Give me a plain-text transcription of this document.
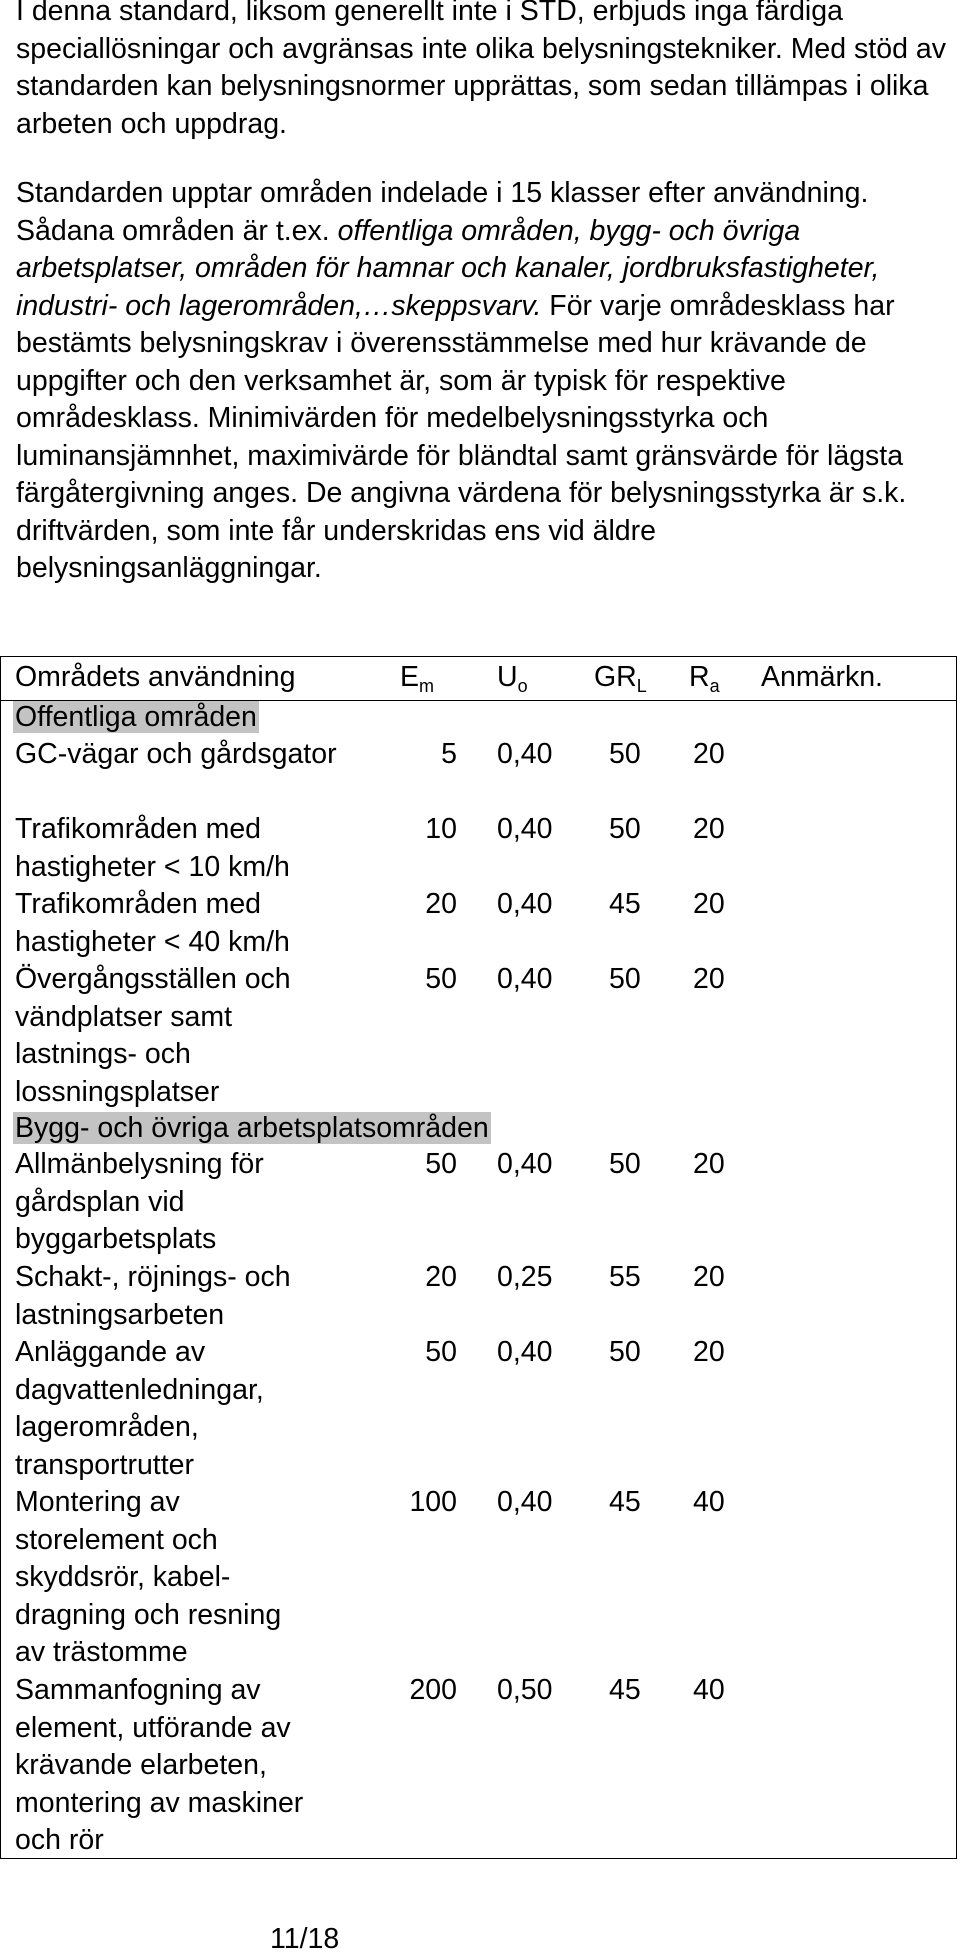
I denna standard, liksom generellt inte i STD, erbjuds inga färdiga speciallösningar och avgränsas inte olika belysningstekniker. Med stöd av standarden kan belysningsnormer upprättas, som sedan tillämpas i olika arbeten och uppdrag.

Standarden upptar områden indelade i 15 klasser efter användning. Sådana områden är t.ex. offentliga områden, bygg- och övriga arbetsplatser, områden för hamnar och kanaler, jordbruksfastigheter, industri- och lagerområden,…skeppsvarv. För varje områdesklass har bestämts belysningskrav i överensstämmelse med hur krävande de uppgifter och den verksamhet är, som är typisk för respektive områdesklass. Minimivärden för medelbelysningsstyrka och luminansjämnhet, maximivärde för bländtal samt gränsvärde för lägsta färgåtergivning anges. De angivna värdena för belysningsstyrka är s.k. driftvärden, som inte får underskridas ens vid äldre belysningsanläggningar.

Områdets användning	$E_m$ $U_o$ $GR_L$ $R_a$ Anmärkn.
Offentliga områden
GC-vägar och gårdsgator	5 0,40 50 20
Trafikområden med hastigheter < 10 km/h
10 0,40 50 20
Trafikområden med hastigheter < 40 km/h
20 0,40 45 20
Övergångsställen och vändplatser samt lastnings- och lossningsplatser
50 0,40 50 20
Bygg- och övriga arbetsplatsområden
Allmänbelysning för gårdsplan vid byggarbetsplats
50 0,40 50 20
Schakt-, röjnings- och lastningsarbeten
20 0,25 55 20
Anläggande av dagvattenledningar, lagerområden, transportrutter
50 0,40 50 20
Montering av storelement och skyddsrör, kabel-dragning och resning av trästomme
100 0,40 45 40
Sammanfogning av element, utförande av krävande elarbeten, montering av maskiner och rör
200 0,50 45 40
11/18
